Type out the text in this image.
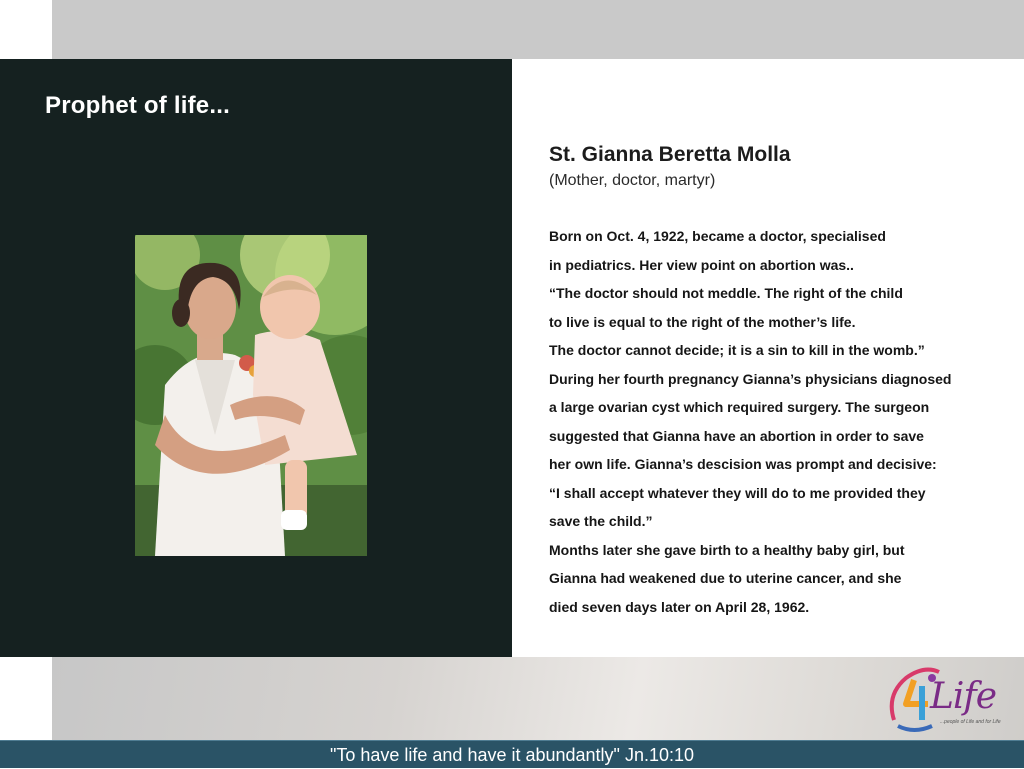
Prophet of life...
St. Gianna Beretta Molla
(Mother, doctor, martyr)
Born on Oct. 4, 1922, became a doctor, specialised
in pediatrics. Her view point on abortion was..
“The doctor should not meddle. The right of the child
to live is equal to the right of the mother’s life.
The doctor cannot decide; it is a sin to kill in the womb.”
During her fourth pregnancy Gianna’s physicians diagnosed
a large ovarian cyst which required surgery. The surgeon
suggested that Gianna have an abortion in order to save
her own life. Gianna’s descision was prompt and decisive:
“I shall accept whatever they will do to me provided they
save the child.”
Months later she gave birth to a healthy baby girl, but
Gianna had weakened due to uterine cancer, and she
died seven days later on April 28, 1962.
Life
...people of Life and for Life
"To have life and have it abundantly" Jn.10:10
